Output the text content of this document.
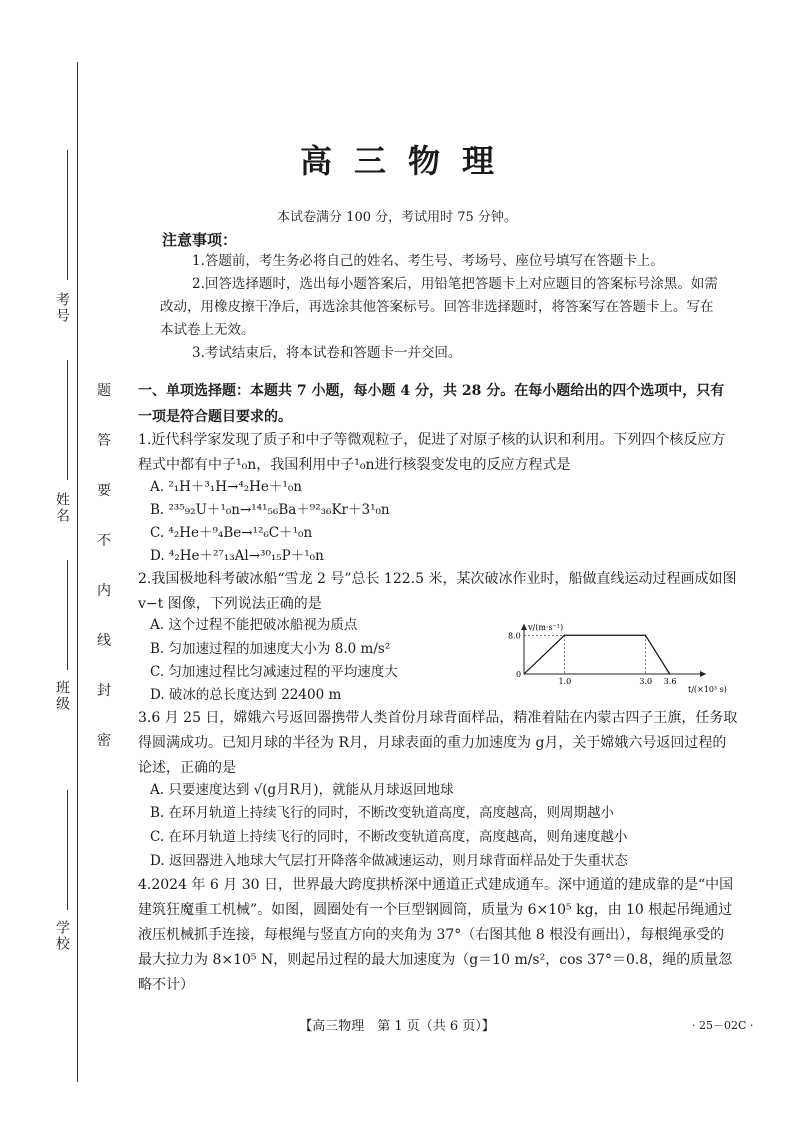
考号
姓名
班级
学校
题
答
要
不
内
线
封
密
高三物理
本试卷满分 100 分，考试用时 75 分钟。
注意事项：
1.答题前，考生务必将自己的姓名、考生号、考场号、座位号填写在答题卡上。
2.回答选择题时，选出每小题答案后，用铅笔把答题卡上对应题目的答案标号涂黑。如需改动，用橡皮擦干净后，再选涂其他答案标号。回答非选择题时，将答案写在答题卡上。写在本试卷上无效。
3.考试结束后，将本试卷和答题卡一并交回。
一、单项选择题：本题共 7 小题，每小题 4 分，共 28 分。在每小题给出的四个选项中，只有一项是符合题目要求的。
1.近代科学家发现了质子和中子等微观粒子，促进了对原子核的认识和利用。下列四个核反应方程式中都有中子¹₀n，我国利用中子¹₀n进行核裂变发电的反应方程式是
A. ²₁H＋³₁H→⁴₂He＋¹₀n
B. ²³⁵₉₂U＋¹₀n→¹⁴¹₅₆Ba＋⁹²₃₆Kr＋3¹₀n
C. ⁴₂He＋⁹₄Be→¹²₆C＋¹₀n
D. ⁴₂He＋²⁷₁₃Al→³⁰₁₅P＋¹₀n
2.我国极地科考破冰船“雪龙 2 号”总长 122.5 米，某次破冰作业时，船做直线运动过程画成如图 v−t 图像，下列说法正确的是
A. 这个过程不能把破冰船视为质点
B. 匀加速过程的加速度大小为 8.0 m/s²
C. 匀加速过程比匀减速过程的平均速度大
D. 破冰的总长度达到 22400 m
v/(m·s⁻¹)
t/(×10³ s)
0
8.0
1.0	3.0 3.6
3.6 月 25 日，嫦娥六号返回器携带人类首份月球背面样品，精准着陆在内蒙古四子王旗，任务取得圆满成功。已知月球的半径为 R月，月球表面的重力加速度为 g月，关于嫦娥六号返回过程的论述，正确的是
A. 只要速度达到 √(g月R月)，就能从月球返回地球
B. 在环月轨道上持续飞行的同时，不断改变轨道高度，高度越高，则周期越小
C. 在环月轨道上持续飞行的同时，不断改变轨道高度，高度越高，则角速度越小
D. 返回器进入地球大气层打开降落伞做减速运动，则月球背面样品处于失重状态
4.2024 年 6 月 30 日，世界最大跨度拱桥深中通道正式建成通车。深中通道的建成靠的是“中国建筑狂魔重工机械”。如图，圆圈处有一个巨型钢圆筒，质量为 6×10⁵ kg，由 10 根起吊绳通过液压机械抓手连接，每根绳与竖直方向的夹角为 37°（右图其他 8 根没有画出），每根绳承受的最大拉力为 8×10⁵ N，则起吊过程的最大加速度为（g＝10 m/s²，cos 37°＝0.8，绳的质量忽略不计）
【高三物理　第 1 页（共 6 页）】	· 25－02C ·
